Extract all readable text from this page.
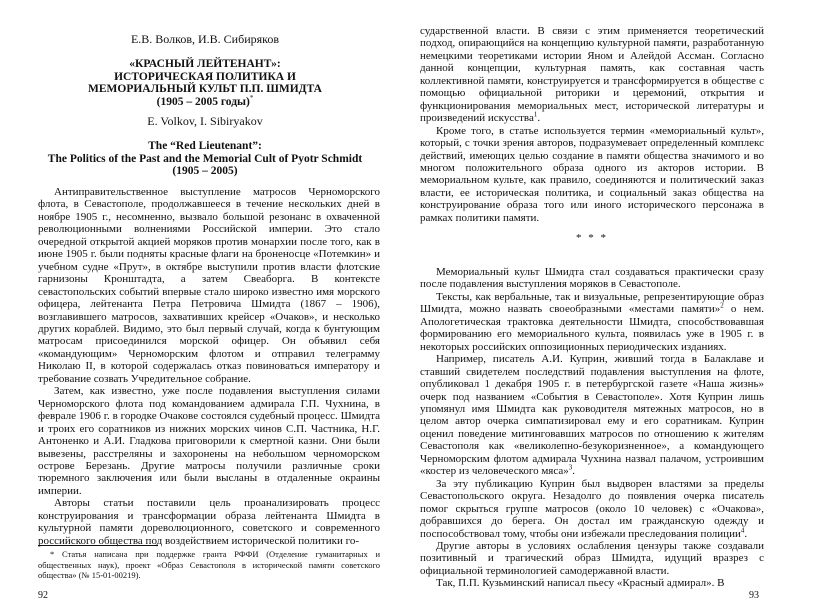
Е.В. Волков, И.В. Сибиряков
«КРАСНЫЙ ЛЕЙТЕНАНТ»:
ИСТОРИЧЕСКАЯ ПОЛИТИКА И
МЕМОРИАЛЬНЫЙ КУЛЬТ П.П. ШМИДТА
(1905 – 2005 годы)*
E. Volkov, I. Sibiryakov
The “Red Lieutenant”:
The Politics of the Past and the Memorial Cult of Pyotr Schmidt
(1905 – 2005)

Антиправительственное выступление матросов Черноморского флота, в Севастополе, продолжавшееся в течение нескольких дней в ноябре 1905 г., несомненно, вызвало большой резонанс в охваченной революционными волнениями Российской империи. Это стало очередной открытой акцией моряков против монархии после того, как в июне 1905 г. были подняты красные флаги на броненосце «Потемкин» и учебном судне «Прут», в октябре выступили против власти флотские гарнизоны Кронштадта, а затем Свеаборга. В контексте севастопольских событий впервые стало широко известно имя морского офицера, лейтенанта Петра Петровича Шмидта (1867 – 1906), возглавившего матросов, захвативших крейсер «Очаков», и несколько других кораблей. Видимо, это был первый случай, когда к бунтующим матросам присоединился морской офицер. Он объявил себя «командующим» Черноморским флотом и отправил телеграмму Николаю II, в которой содержалась отказ повиноваться императору и требование созвать Учредительное собрание.

Затем, как известно, уже после подавления выступления силами Черноморского флота под командованием адмирала Г.П. Чухнина, в феврале 1906 г. в городке Очакове состоялся судебный процесс. Шмидта и троих его соратников из нижних морских чинов С.П. Частника, Н.Г. Антоненко и А.И. Гладкова приговорили к смертной казни. Они были вывезены, расстреляны и захоронены на небольшом черноморском острове Березань. Другие матросы получили различные сроки тюремного заключения или были высланы в отдаленные окраины империи.

Авторы статьи поставили цель проанализировать процесс конструирования и трансформации образа лейтенанта Шмидта в культурной памяти дореволюционного, советского и современного российского общества под воздействием исторической политики го-

* Статья написана при поддержке гранта РФФИ (Отделение гуманитарных и общественных наук), проект «Образ Севастополя в исторической памяти советского общества» (№ 15-01-00219).
92

сударственной власти. В связи с этим применяется теоретический подход, опирающийся на концепцию культурной памяти, разработанную немецкими теоретиками истории Яном и Алейдой Ассман. Согласно данной концепции, культурная память, как составная часть коллективной памяти, конструируется и трансформируется в обществе с помощью официальной риторики и церемоний, открытия и функционирования мемориальных мест, исторической литературы и произведений искусства$^1$.

Кроме того, в статье используется термин «мемориальный культ», который, с точки зрения авторов, подразумевает определенный комплекс действий, имеющих целью создание в памяти общества значимого и во многом положительного образа одного из акторов истории. В мемориальном культе, как правило, соединяются и политический заказ власти, ее историческая политика, и социальный заказ общества на конструирование образа того или иного исторического персонажа в рамках политики памяти.

* * *

Мемориальный культ Шмидта стал создаваться практически сразу после подавления выступления моряков в Севастополе.

Тексты, как вербальные, так и визуальные, репрезентирующие образ Шмидта, можно назвать своеобразными «местами памяти»$^2$ о нем. Апологетическая трактовка деятельности Шмидта, способствовавшая формированию его мемориального культа, появилась уже в 1905 г. в некоторых российских оппозиционных периодических изданиях.

Например, писатель А.И. Куприн, живший тогда в Балаклаве и ставший свидетелем последствий подавления выступления на флоте, опубликовал 1 декабря 1905 г. в петербургской газете «Наша жизнь» очерк под названием «События в Севастополе». Хотя Куприн лишь упомянул имя Шмидта как руководителя мятежных матросов, но в целом автор очерка симпатизировал ему и его соратникам. Куприн оценил поведение митинговавших матросов по отношению к жителям Севастополя как «великолепно-безукоризненное», а командующего Черноморским флотом адмирала Чухнина назвал палачом, устроившим «костер из человеческого мяса»$^3$.

За эту публикацию Куприн был выдворен властями за пределы Севастопольского округа. Незадолго до появления очерка писатель помог скрыться группе матросов (около 10 человек) с «Очакова», добравшихся до берега. Он достал им гражданскую одежду и поспособствовал тому, чтобы они избежали преследования полиции$^4$.

Другие авторы в условиях ослабления цензуры также создавали позитивный и трагический образ Шмидта, идущий вразрез с официальной терминологией самодержавной власти.

Так, П.П. Кузьминский написал пьесу «Красный адмирал». В

93
